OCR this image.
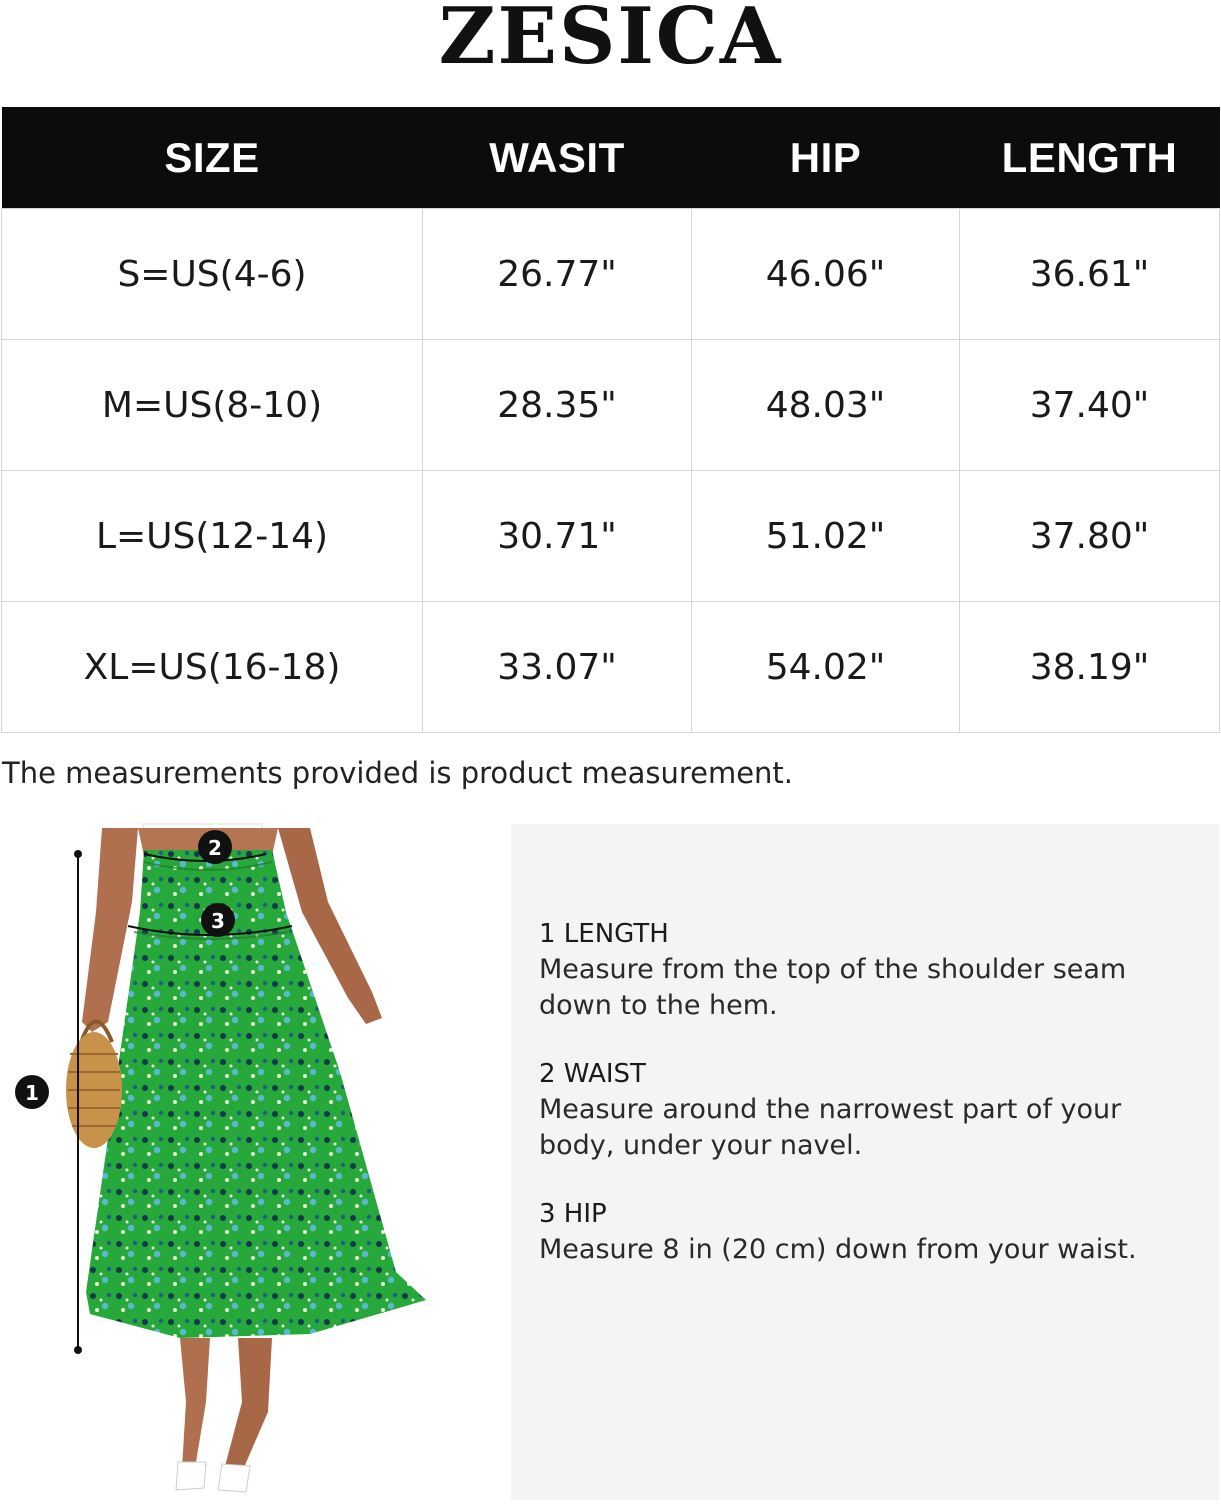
ZESICA
SIZE	WASIT	HIP	LENGTH
S=US(4-6)	26.77"	46.06"	36.61"
M=US(8-10)	28.35"	48.03"	37.40"
L=US(12-14)	30.71"	51.02"	37.80"
XL=US(16-18)	33.07"	54.02"	38.19"
The measurements provided is product measurement.
1
2
3	1 LENGTH
Measure from the top of the shoulder seam down to the hem.
2 WAIST
Measure around the narrowest part of your body, under your navel.
3 HIP
Measure 8 in (20 cm) down from your waist.
